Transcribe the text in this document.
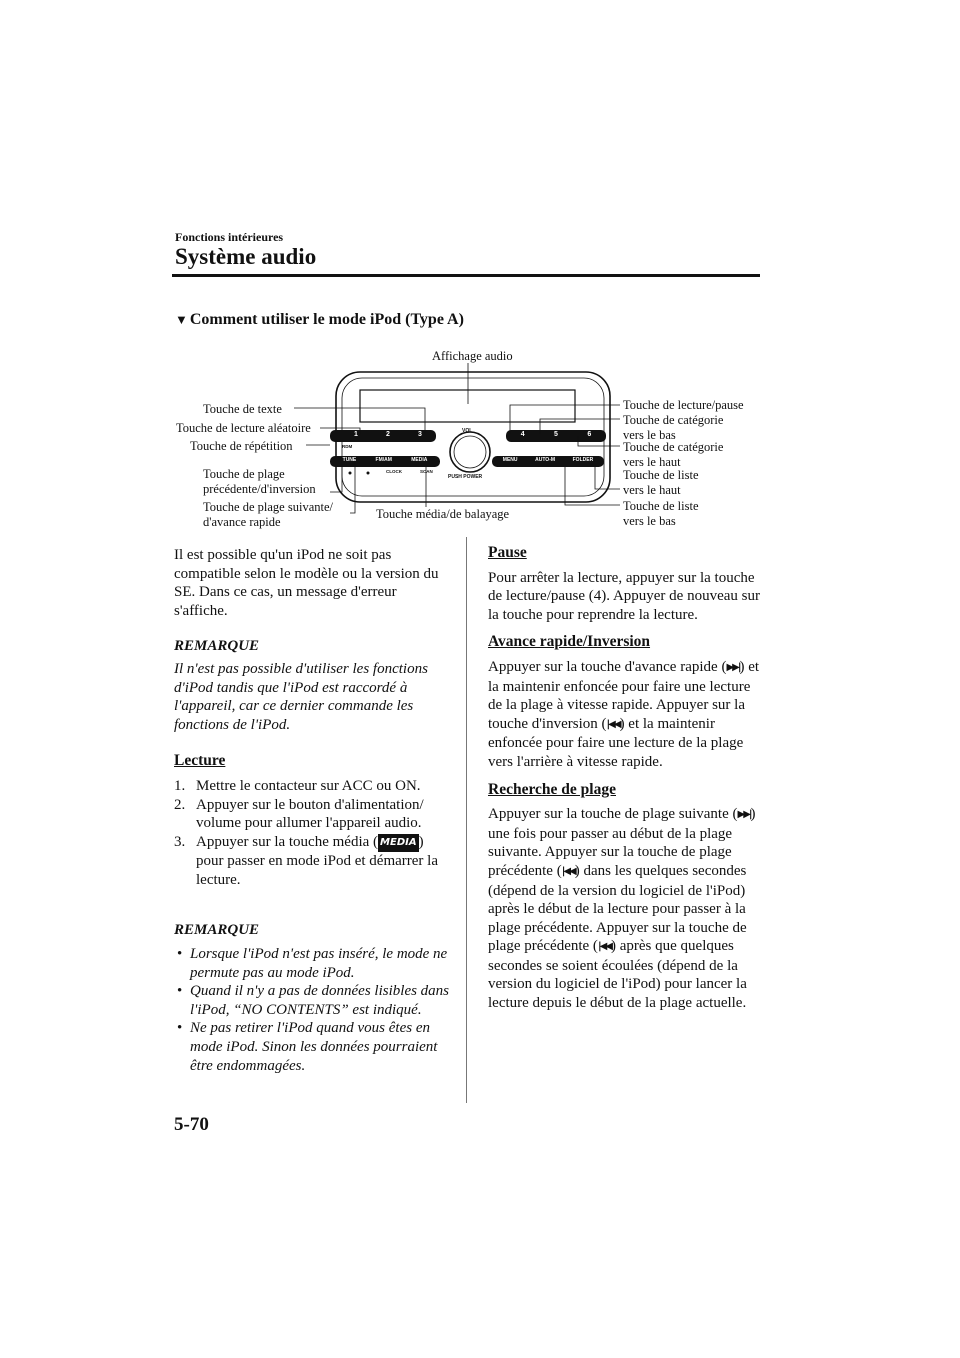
Fonctions intérieures
Système audio
▼ Comment utiliser le mode iPod (Type A)
1	2	3	4	5	6
RDM
VOL
PUSH POWER
TUNE	FM/AM	MEDIA
CLOCK	SCAN
MENU	AUTO-M	FOLDER
Affichage audio
Touche de texte
Touche de lecture aléatoire
Touche de répétition
Touche de plage
précédente/d'inversion
Touche de plage suivante/
d'avance rapide
Touche média/de balayage
Touche de lecture/pause
Touche de catégorie
vers le bas
Touche de catégorie
vers le haut
Touche de liste
vers le haut
Touche de liste
vers le bas

Il est possible qu'un iPod ne soit pas compatible selon le modèle ou la version du SE. Dans ce cas, un message d'erreur s'affiche.

REMARQUE

Il n'est pas possible d'utiliser les fonctions d'iPod tandis que l'iPod est raccordé à l'appareil, car ce dernier commande les fonctions de l'iPod.

Lecture

1. Mettre le contacteur sur ACC ou ON.
2. Appuyer sur le bouton d'alimentation/ volume pour allumer l'appareil audio.
3. Appuyer sur la touche média ( MEDIA ) pour passer en mode iPod et démarrer la lecture.

REMARQUE

• Lorsque l'iPod n'est pas inséré, le mode ne permute pas au mode iPod.
• Quand il n'y a pas de données lisibles dans l'iPod, “NO CONTENTS” est indiqué.
• Ne pas retirer l'iPod quand vous êtes en mode iPod. Sinon les données pourraient être endommagées.

Pause

Pour arrêter la lecture, appuyer sur la touche de lecture/pause (4). Appuyer de nouveau sur la touche pour reprendre la lecture.

Avance rapide/Inversion

Appuyer sur la touche d'avance rapide (▶▶|) et la maintenir enfoncée pour faire une lecture de la plage à vitesse rapide. Appuyer sur la touche d'inversion (|◀◀) et la maintenir enfoncée pour faire une lecture de la plage vers l'arrière à vitesse rapide.

Recherche de plage

Appuyer sur la touche de plage suivante (▶▶|) une fois pour passer au début de la plage suivante. Appuyer sur la touche de plage précédente (|◀◀) dans les quelques secondes (dépend de la version du logiciel de l'iPod) après le début de la lecture pour passer à la plage précédente. Appuyer sur la touche de plage précédente (|◀◀) après que quelques secondes se soient écoulées (dépend de la version du logiciel de l'iPod) pour lancer la lecture depuis le début de la plage actuelle.

5-70
